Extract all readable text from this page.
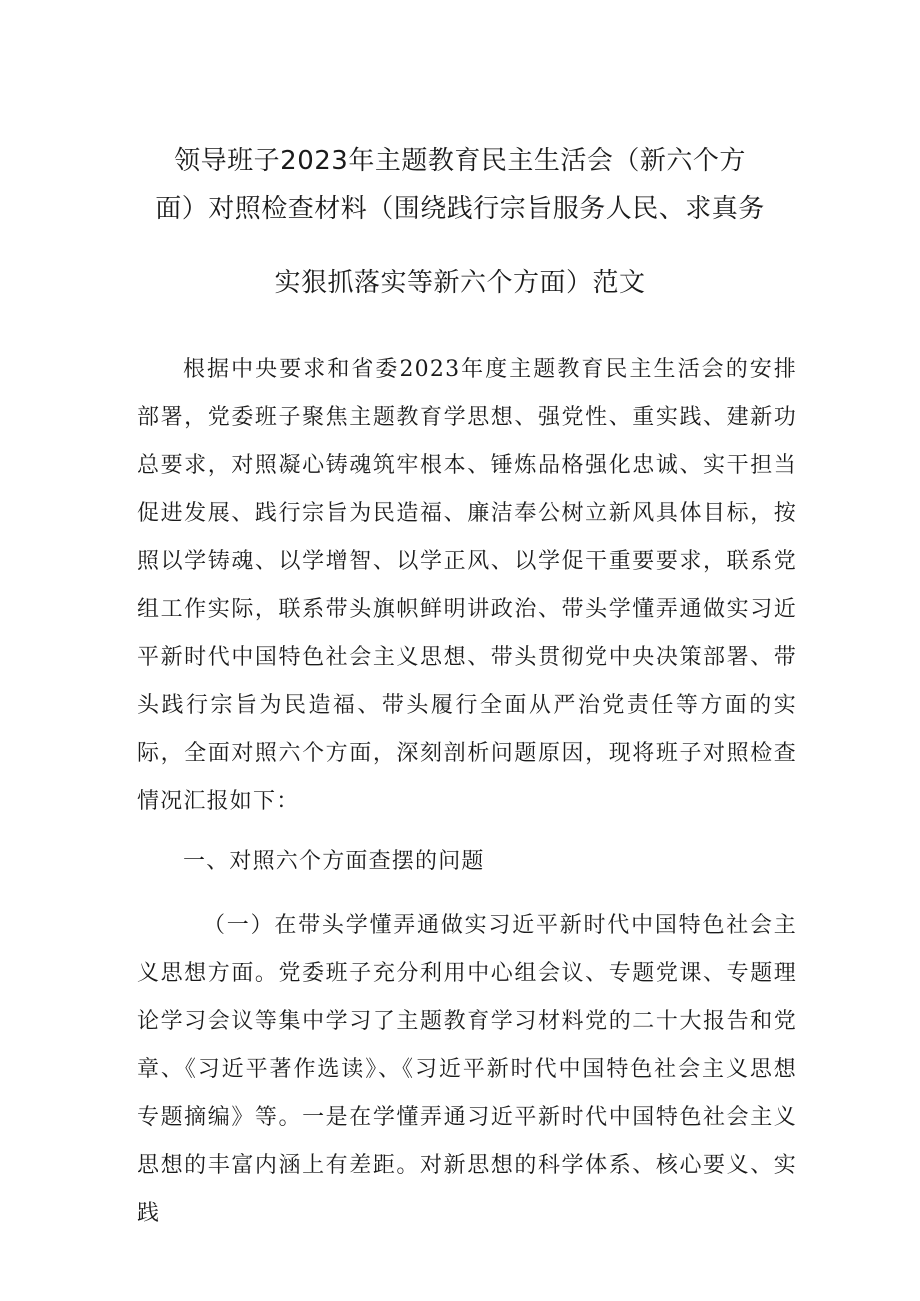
领导班子2023年主题教育民主生活会（新六个方
面）对照检查材料（围绕践行宗旨服务人民、求真务
实狠抓落实等新六个方面）范文

根据中央要求和省委2023年度主题教育民主生活会的安排部署，党委班子聚焦主题教育学思想、强党性、重实践、建新功总要求，对照凝心铸魂筑牢根本、锤炼品格强化忠诚、实干担当促进发展、践行宗旨为民造福、廉洁奉公树立新风具体目标，按照以学铸魂、以学增智、以学正风、以学促干重要要求，联系党组工作实际，联系带头旗帜鲜明讲政治、带头学懂弄通做实习近平新时代中国特色社会主义思想、带头贯彻党中央决策部署、带头践行宗旨为民造福、带头履行全面从严治党责任等方面的实际，全面对照六个方面，深刻剖析问题原因，现将班子对照检查情况汇报如下：

一、对照六个方面查摆的问题

（一）在带头学懂弄通做实习近平新时代中国特色社会主义思想方面。党委班子充分利用中心组会议、专题党课、专题理论学习会议等集中学习了主题教育学习材料党的二十大报告和党章、《习近平著作选读》、《习近平新时代中国特色社会主义思想专题摘编》等。一是在学懂弄通习近平新时代中国特色社会主义思想的丰富内涵上有差距。对新思想的科学体系、核心要义、实践
